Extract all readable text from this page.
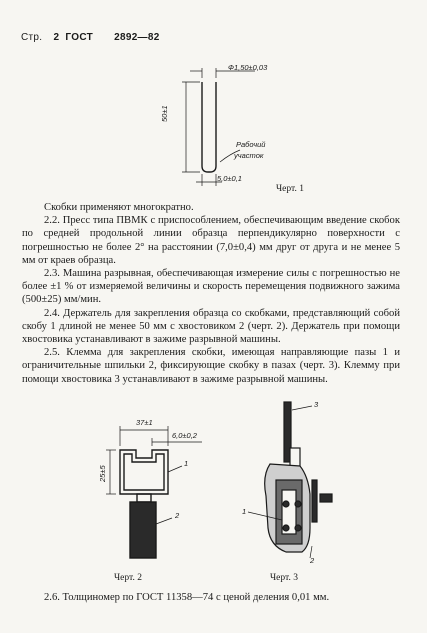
Стр. 2 ГОСТ 2892—82
Ф1,50±0,03
50±1
Рабочий
участок
5,0±0,1
Черт. 1

Скобки применяют многократно.

2.2. Пресс типа ПВМК с приспособлением, обеспечивающим введение скобок по средней продольной линии образца перпендикулярно поверхности с погрешностью не более 2° на расстоянии (7,0±0,4) мм друг от друга и не менее 5 мм от краев образца.

2.3. Машина разрывная, обеспечивающая измерение силы с погрешностью не более ±1 % от измеряемой величины и скорость перемещения подвижного зажима (500±25) мм/мин.

2.4. Держатель для закрепления образца со скобками, представляющий собой скобу 1 длиной не менее 50 мм с хвостовиком 2 (черт. 2). Держатель при помощи хвостовика устанавливают в зажиме разрывной машины.

2.5. Клемма для закрепления скобки, имеющая направляющие пазы 1 и ограничительные шпильки 2, фиксирующие скобку в пазах (черт. 3). Клемму при помощи хвостовика 3 устанавливают в зажиме разрывной машины.

37±1
6,0±0,2
25±5
1
2
Черт. 2
3
1
2
Черт. 3

2.6. Толщиномер по ГОСТ 11358—74 с ценой деления 0,01 мм.
